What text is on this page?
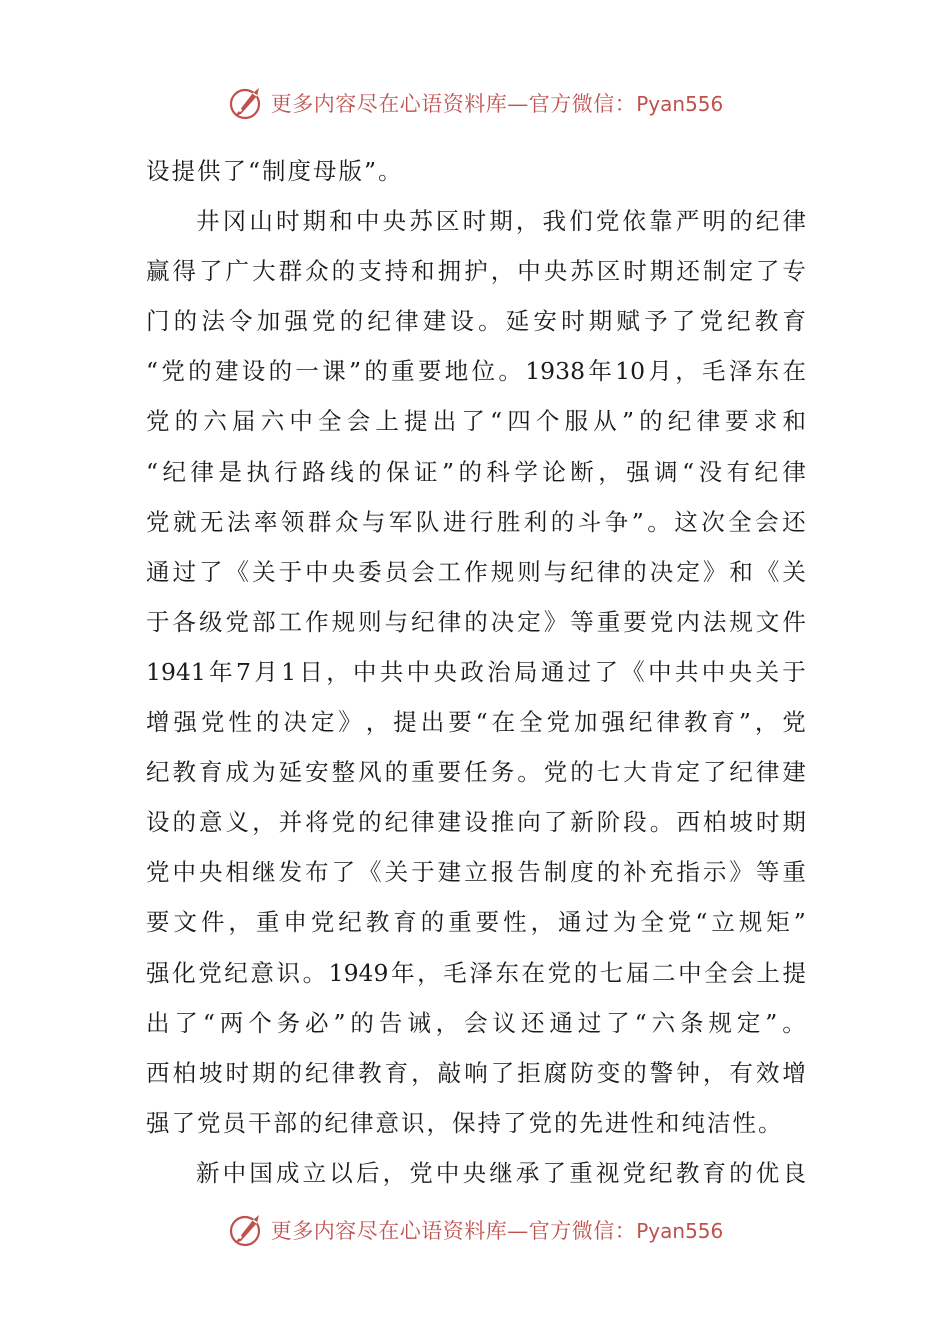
更多内容尽在心语资料库—官方微信：Pyan556
设提供了“制度母版”。
井 冈 山 时 期 和 中 央 苏 区 时 期 ， 我 们 党 依 靠 严 明 的 纪 律
赢 得 了 广 大 群 众 的 支 持 和 拥 护 ， 中 央 苏 区 时 期 还 制 定 了 专
门 的 法 令 加 强 党 的 纪 律 建 设 。 延 安 时 期 赋 予 了 党 纪 教 育
“ 党 的 建 设 的 一 课 ” 的 重 要 地 位 。 1938 年 10 月 ， 毛 泽 东 在
党 的 六 届 六 中 全 会 上 提 出 了 “ 四 个 服 从 ” 的 纪 律 要 求 和
“ 纪 律 是 执 行 路 线 的 保 证 ” 的 科 学 论 断 ， 强 调 “ 没 有 纪 律
党 就 无 法 率 领 群 众 与 军 队 进 行 胜 利 的 斗 争 ” 。 这 次 全 会 还
通 过 了 《 关 于 中 央 委 员 会 工 作 规 则 与 纪 律 的 决 定 》 和 《 关
于 各 级 党 部 工 作 规 则 与 纪 律 的 决 定 》 等 重 要 党 内 法 规 文 件
1941 年 7 月 1 日 ， 中 共 中 央 政 治 局 通 过 了 《 中 共 中 央 关 于
增 强 党 性 的 决 定 》 ， 提 出 要 “ 在 全 党 加 强 纪 律 教 育 ” ， 党
纪 教 育 成 为 延 安 整 风 的 重 要 任 务 。 党 的 七 大 肯 定 了 纪 律 建
设 的 意 义 ， 并 将 党 的 纪 律 建 设 推 向 了 新 阶 段 。 西 柏 坡 时 期
党 中 央 相 继 发 布 了 《 关 于 建 立 报 告 制 度 的 补 充 指 示 》 等 重
要 文 件 ， 重 申 党 纪 教 育 的 重 要 性 ， 通 过 为 全 党 “ 立 规 矩 ”
强 化 党 纪 意 识 。 1949 年 ， 毛 泽 东 在 党 的 七 届 二 中 全 会 上 提
出 了 “ 两 个 务 必 ” 的 告 诫 ， 会 议 还 通 过 了 “ 六 条 规 定 ” 。
西 柏 坡 时 期 的 纪 律 教 育 ， 敲 响 了 拒 腐 防 变 的 警 钟 ， 有 效 增
强了党员干部的纪律意识，保持了党的先进性和纯洁性。
新 中 国 成 立 以 后 ， 党 中 央 继 承 了 重 视 党 纪 教 育 的 优 良
更多内容尽在心语资料库—官方微信：Pyan556
